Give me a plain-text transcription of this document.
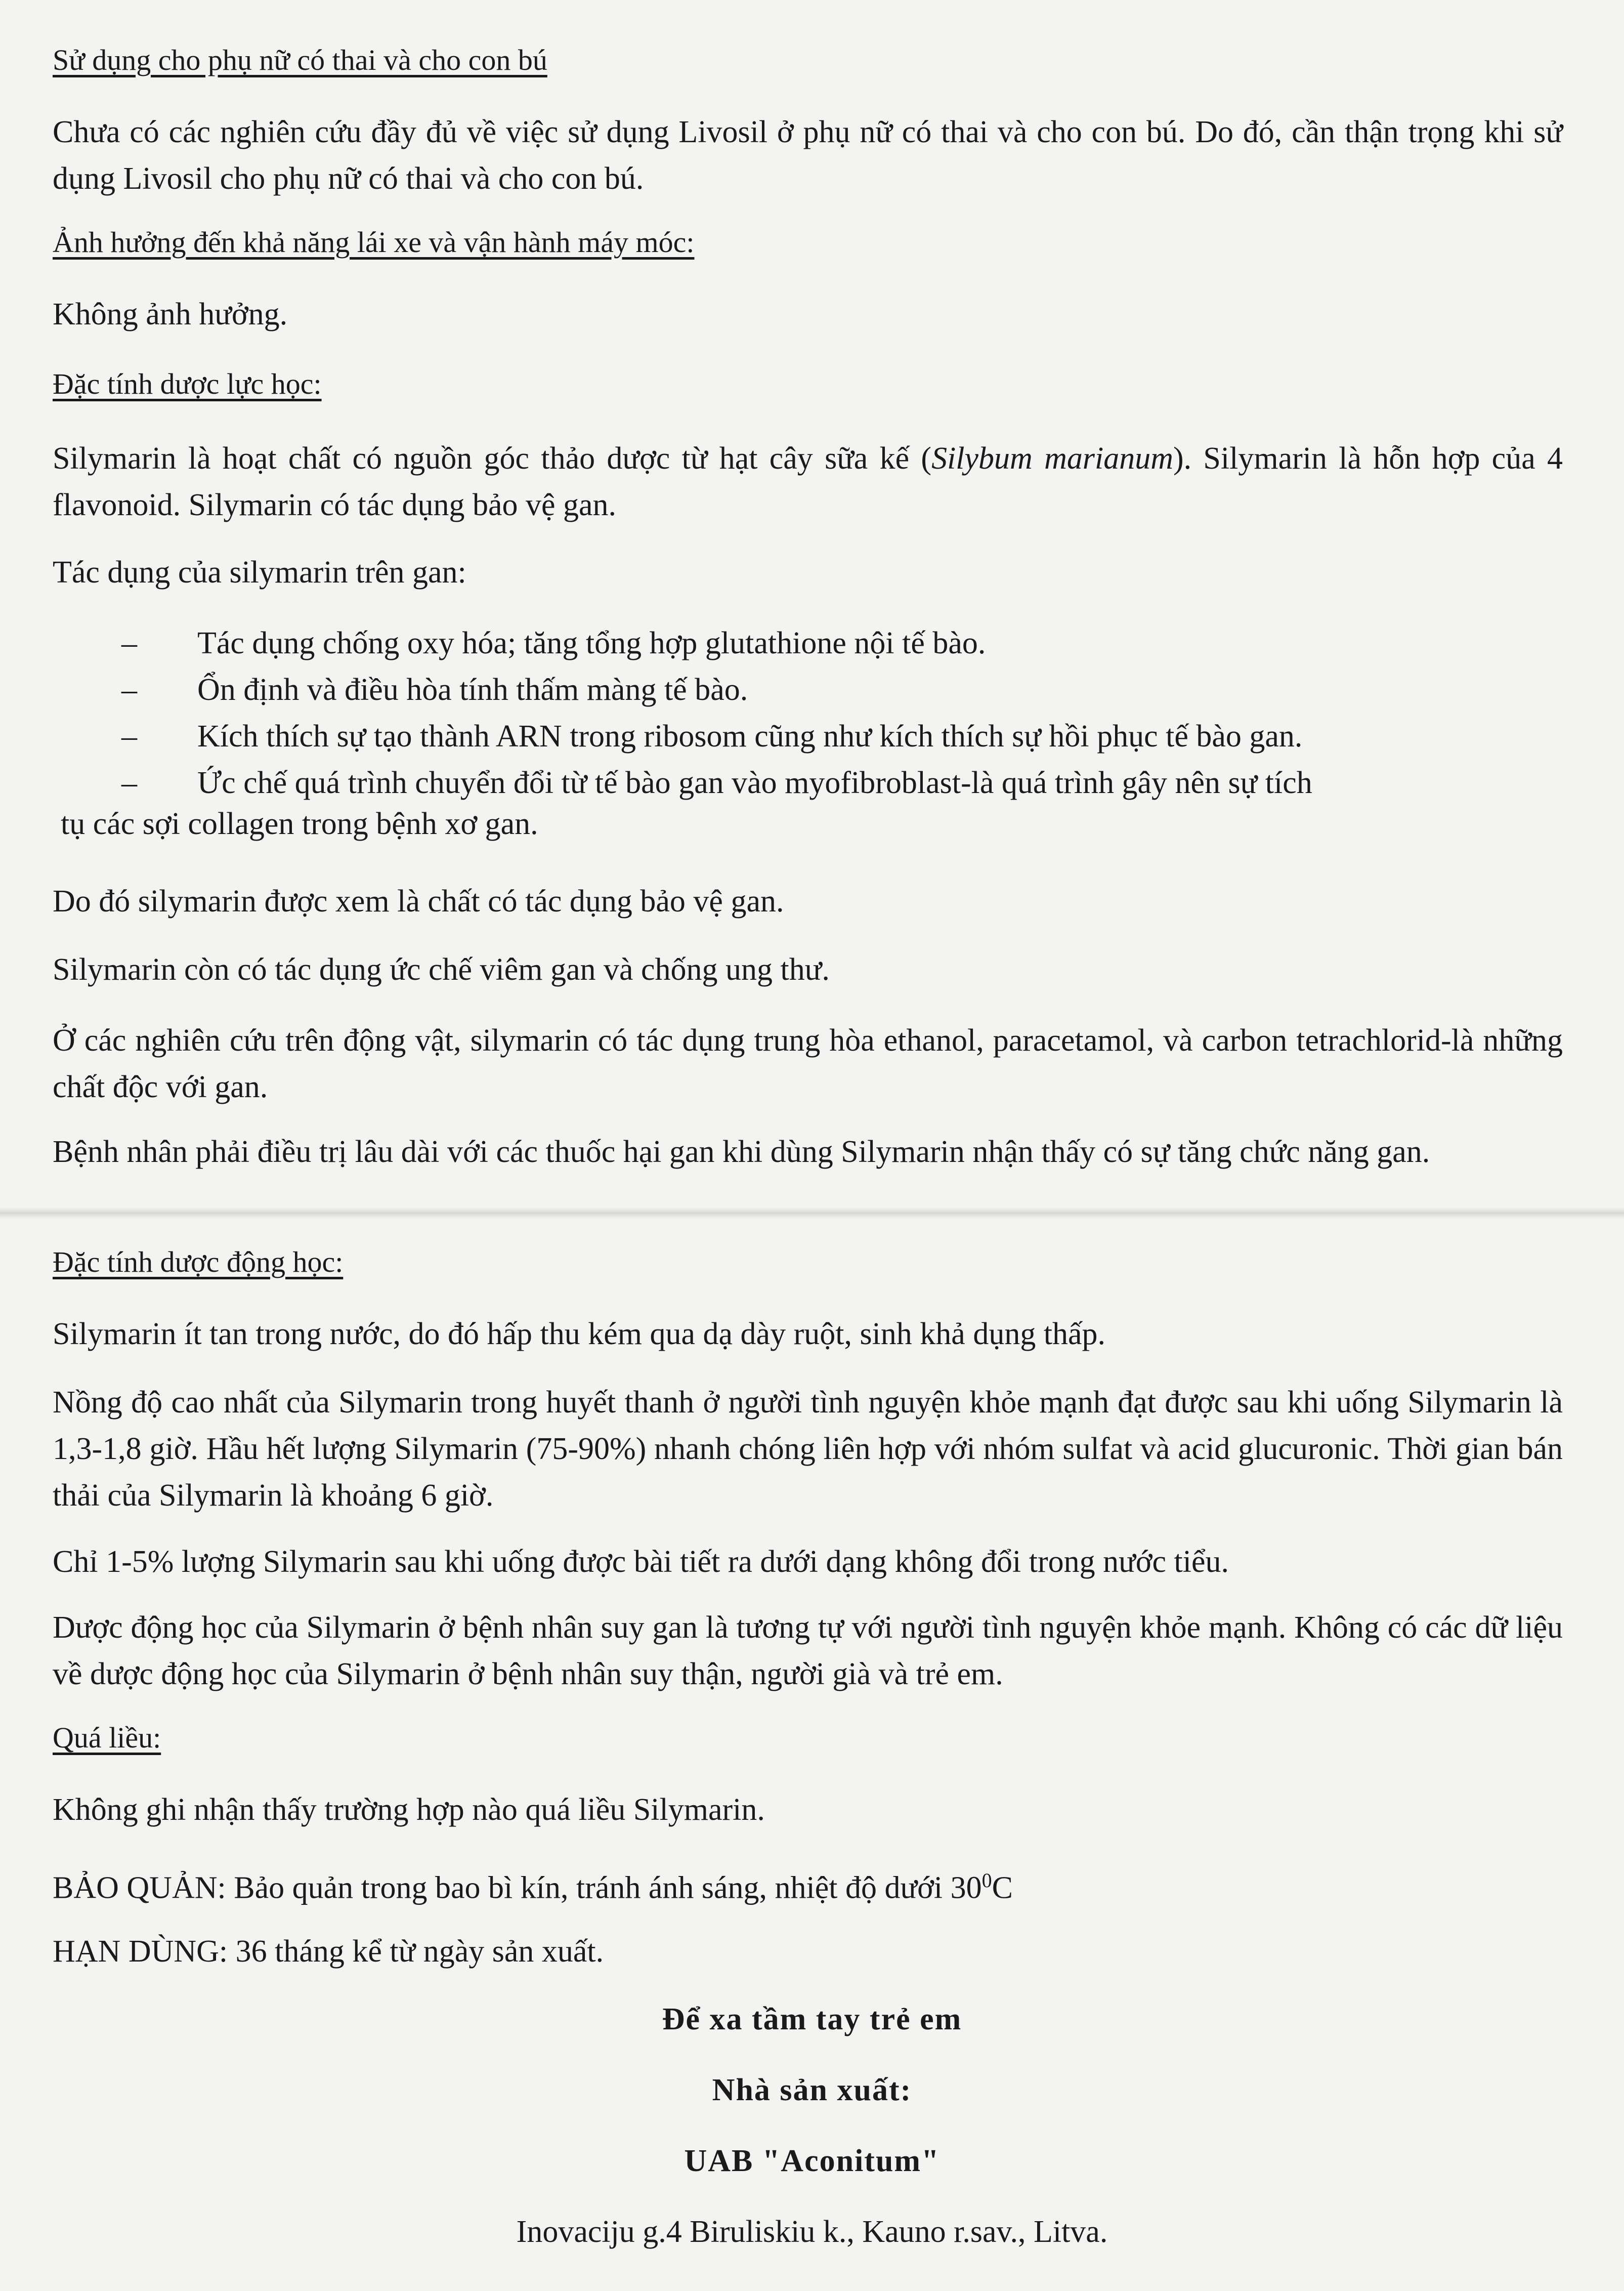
Sử dụng cho phụ nữ có thai và cho con bú

Chưa có các nghiên cứu đầy đủ về việc sử dụng Livosil ở phụ nữ có thai và cho con bú. Do đó, cần thận trọng khi sử dụng Livosil cho phụ nữ có thai và cho con bú.

Ảnh hưởng đến khả năng lái xe và vận hành máy móc:

Không ảnh hưởng.

Đặc tính dược lực học:

Silymarin là hoạt chất có nguồn góc thảo dược từ hạt cây sữa kế (Silybum marianum). Silymarin là hỗn hợp của 4 flavonoid. Silymarin có tác dụng bảo vệ gan.

Tác dụng của silymarin trên gan:

– Tác dụng chống oxy hóa; tăng tổng hợp glutathione nội tế bào.
– Ổn định và điều hòa tính thấm màng tế bào.
– Kích thích sự tạo thành ARN trong ribosom cũng như kích thích sự hồi phục tế bào gan.
– Ức chế quá trình chuyển đổi từ tế bào gan vào myofibroblast-là quá trình gây nên sự tích
tụ các sợi collagen trong bệnh xơ gan.

Do đó silymarin được xem là chất có tác dụng bảo vệ gan.

Silymarin còn có tác dụng ức chế viêm gan và chống ung thư.

Ở các nghiên cứu trên động vật, silymarin có tác dụng trung hòa ethanol, paracetamol, và carbon tetrachlorid-là những chất độc với gan.

Bệnh nhân phải điều trị lâu dài với các thuốc hại gan khi dùng Silymarin nhận thấy có sự tăng chức năng gan.

Đặc tính dược động học:

Silymarin ít tan trong nước, do đó hấp thu kém qua dạ dày ruột, sinh khả dụng thấp.

Nồng độ cao nhất của Silymarin trong huyết thanh ở người tình nguyện khỏe mạnh đạt được sau khi uống Silymarin là 1,3-1,8 giờ. Hầu hết lượng Silymarin (75-90%) nhanh chóng liên hợp với nhóm sulfat và acid glucuronic. Thời gian bán thải của Silymarin là khoảng 6 giờ.

Chỉ 1-5% lượng Silymarin sau khi uống được bài tiết ra dưới dạng không đổi trong nước tiểu.

Dược động học của Silymarin ở bệnh nhân suy gan là tương tự với người tình nguyện khỏe mạnh. Không có các dữ liệu về dược động học của Silymarin ở bệnh nhân suy thận, người già và trẻ em.

Quá liều:

Không ghi nhận thấy trường hợp nào quá liều Silymarin.

BẢO QUẢN: Bảo quản trong bao bì kín, tránh ánh sáng, nhiệt độ dưới $30^0C$

HẠN DÙNG: 36 tháng kể từ ngày sản xuất.

Để xa tầm tay trẻ em
Nhà sản xuất:
UAB "Aconitum"
Inovaciju g.4 Biruliskiu k., Kauno r.sav., Litva.
